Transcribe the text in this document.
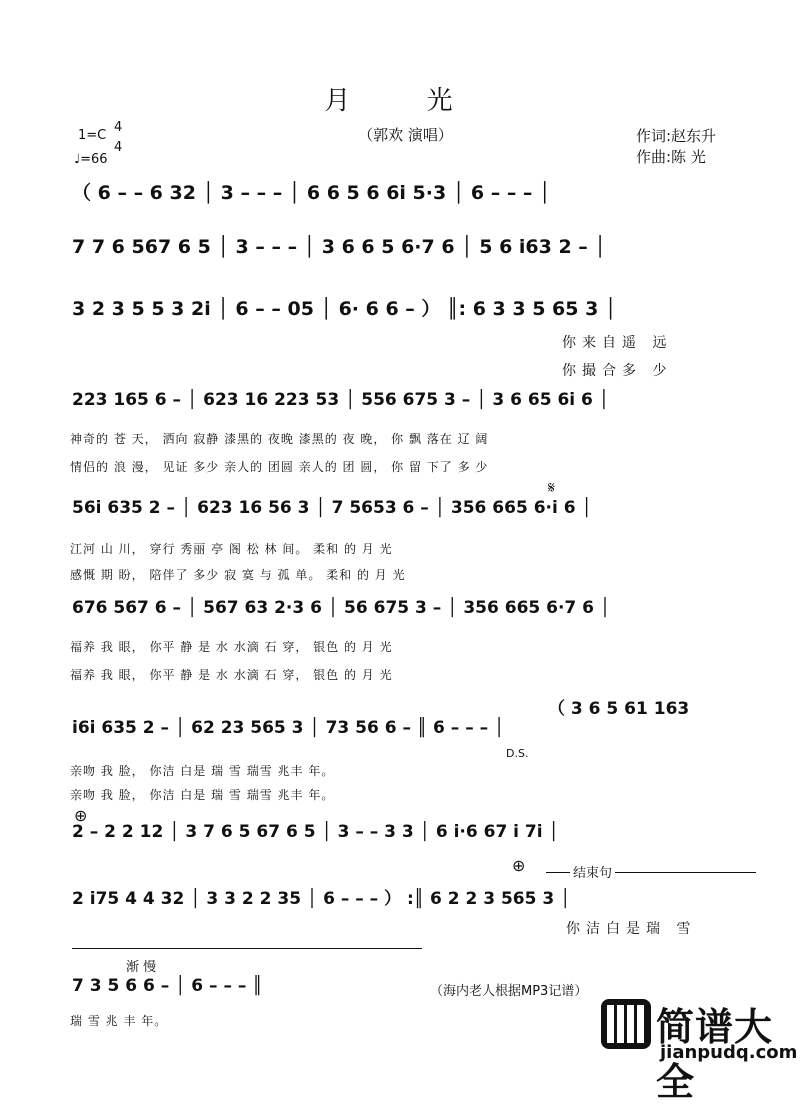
月 光
（郭欢 演唱）	作词:赵东升
作曲:陈 光
1=C
4
4
♩=66
（ 6 – – 6 32 │ 3 – – – │ 6 6 5 6 6i 5·3 │ 6 – – – │
7 7 6 567 6 5 │ 3 – – – │ 3 6 6 5 6·7 6 │ 5 6 i63 2 – │
3 2 3 5 5 3 2i │ 6 – – 05 │ 6· 6 6 – ） ║: 6 3 3 5 65 3 │
你来自遥 远
你撮合多 少
223 165 6 – │ 623 16 223 53 │ 556 675 3 – │ 3 6 65 6i 6 │
神奇的 苍 天， 洒向 寂静 漆黑的 夜晚 漆黑的 夜 晚， 你 飘 落在 辽 阔
情侣的 浪 漫， 见证 多少 亲人的 团圆 亲人的 团 圆， 你 留 下了 多 少
𝄋
56i 635 2 – │ 623 16 56 3 │ 7 5653 6 – │ 356 665 6·i 6 │
江河 山 川， 穿行 秀丽 亭 阁 松 林 间。 柔和 的 月 光
感慨 期 盼， 陪伴了 多少 寂 寞 与 孤 单。 柔和 的 月 光
676 567 6 – │ 567 63 2·3 6 │ 56 675 3 – │ 356 665 6·7 6 │
福养 我 眼， 你平 静 是 水 水滴 石 穿， 银色 的 月 光
福养 我 眼， 你平 静 是 水 水滴 石 穿， 银色 的 月 光
i6i 635 2 – │ 62 23 565 3 │ 73 56 6 – ║ 6 – – – │
（ 3 6 5 61 163
D.S.
亲吻 我 脸， 你洁 白是 瑞 雪 瑞雪 兆丰 年。
亲吻 我 脸， 你洁 白是 瑞 雪 瑞雪 兆丰 年。
⊕
2 – 2 2 12 │ 3 7 6 5 67 6 5 │ 3 – – 3 3 │ 6 i·6 67 i 7i │
⊕	结束句
2 i75 4 4 32 │ 3 3 2 2 35 │ 6 – – – ） :║ 6 2 2 3 565 3 │
你洁白是瑞 雪
渐 慢
7 3 5 6 6 – │ 6 – – – ║	（海内老人根据MP3记谱）
瑞 雪 兆 丰 年。	简谱大全
jianpudq.com
